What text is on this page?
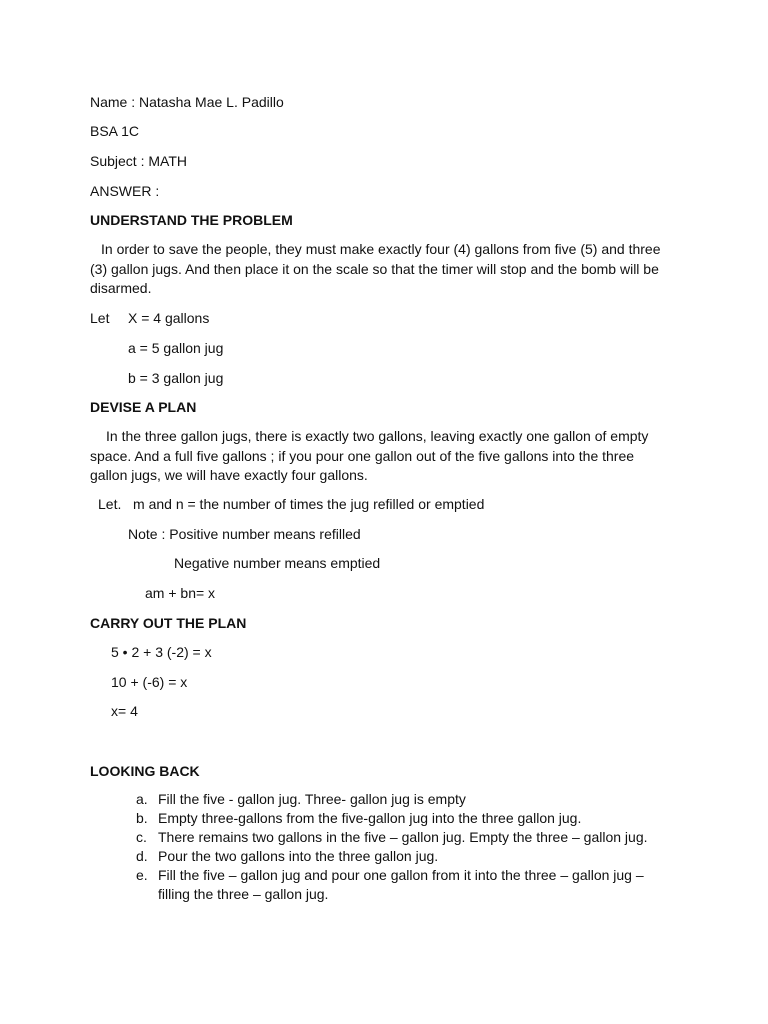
Name : Natasha Mae L. Padillo
BSA 1C
Subject : MATH
ANSWER :
UNDERSTAND THE PROBLEM
In order to save the people, they must make exactly four (4) gallons from five (5) and three (3) gallon jugs. And then place it on the scale so that the timer will stop and the bomb will be disarmed.
Let X = 4 gallons
a = 5 gallon jug
b = 3 gallon jug
DEVISE A PLAN
In the three gallon jugs, there is exactly two gallons, leaving exactly one gallon of empty space. And a full five gallons ; if you pour one gallon out of the five gallons into the three gallon jugs, we will have exactly four gallons.
Let.   m and n = the number of times the jug refilled or emptied
Note : Positive number means refilled
Negative number means emptied
am + bn= x
CARRY OUT THE PLAN
5 • 2 + 3 (-2) = x
10 + (-6) = x
x= 4
LOOKING BACK
a. Fill the five - gallon jug. Three- gallon jug is empty
b. Empty three-gallons from the five-gallon jug into the three gallon jug.
c. There remains two gallons in the five – gallon jug. Empty the three – gallon jug.
d. Pour the two gallons into the three gallon jug.
e. Fill the five – gallon jug and pour one gallon from it into the three – gallon jug – filling the three – gallon jug.
